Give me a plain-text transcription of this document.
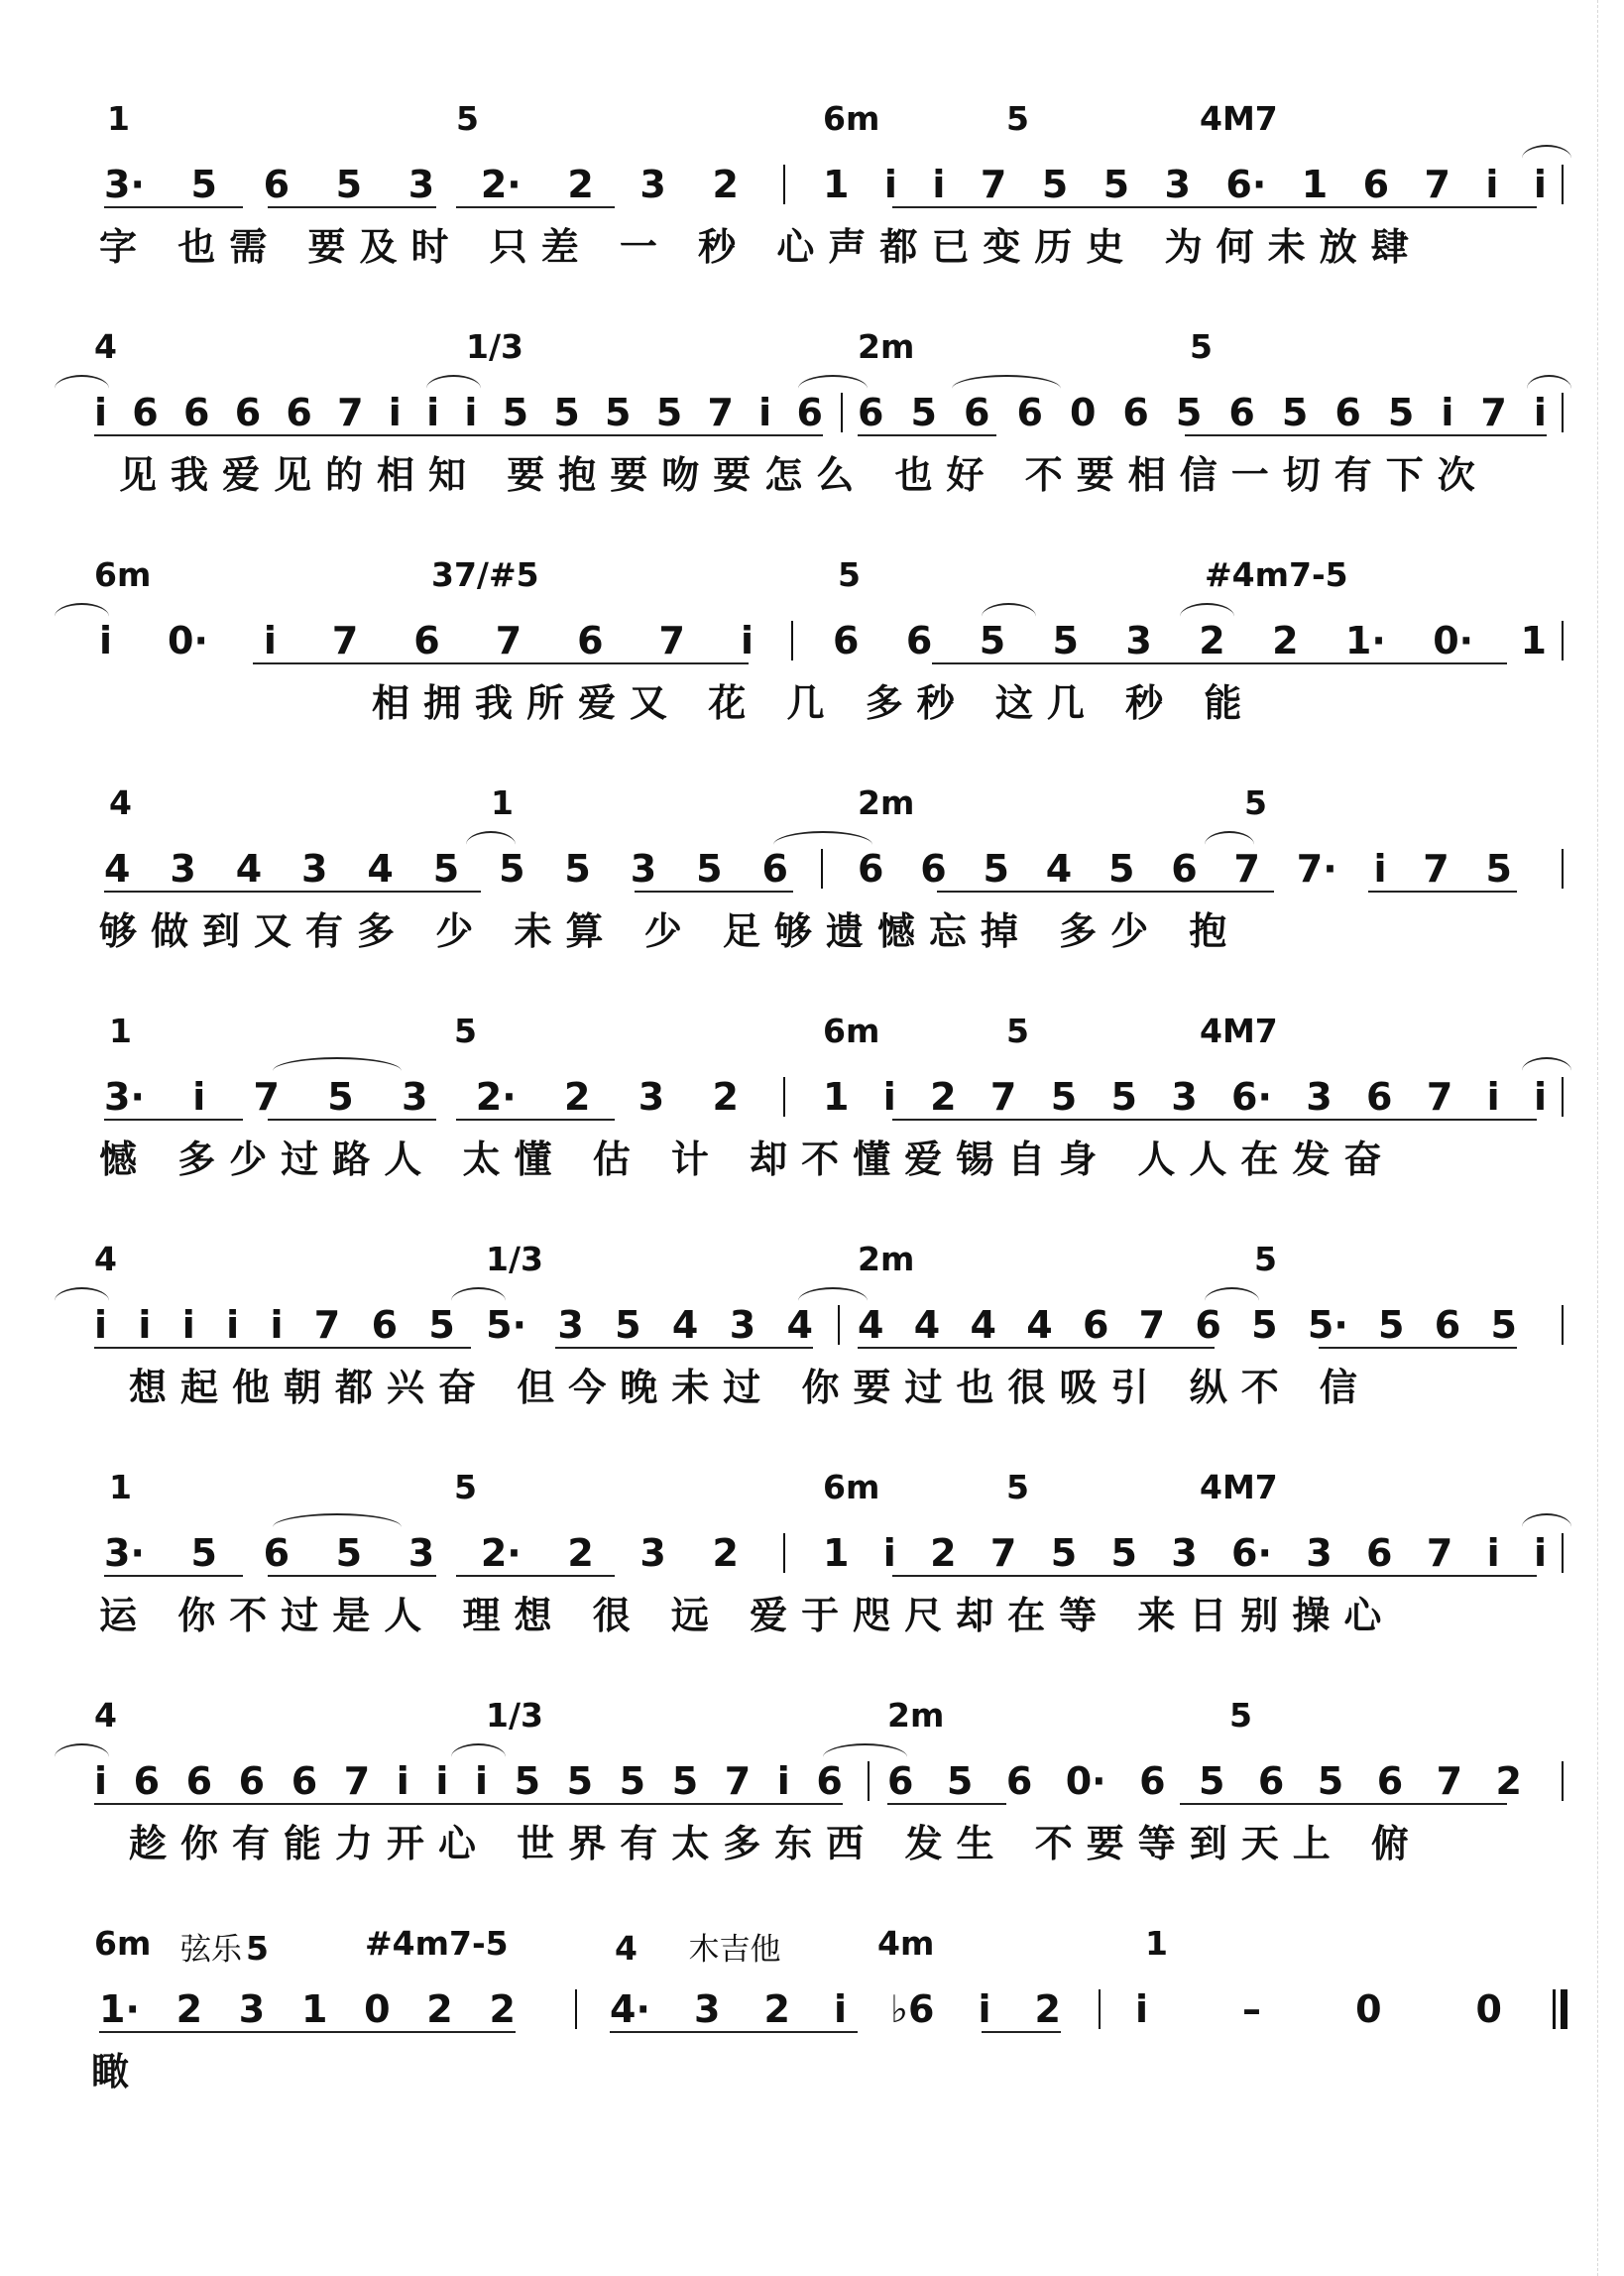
1	5	6m	5	4M7
3· 5 6 5 3 2· 2 3 2 1 i i 7 5 5 3 6· 1 6 7 i i
字 也需 要及时 只差 一 秒 心声都已变历史 为何未放肆
4	1/3	2m	5
i 6 6 6 6 7 i i i 5 5 5 5 7 i 6 6 5 6 6 0 6 5 6 5 6 5 i 7 i
见我爱见的相知 要抱要吻要怎么 也好 不要相信一切有下次
6m	37/#5	5	#4m7-5
i 0· i 7 6 7 6 7 i 6 6 5 5 3 2 2 1· 0· 1
相拥我所爱又 花 几 多秒 这几 秒 能
4	1	2m	5
4 3 4 3 4 5 5 5 3 5 6 6 6 5 4 5 6 7 7· i 7 5
够做到又有多 少 未算 少 足够遗憾忘掉 多少 抱
1	5	6m	5	4M7
3· i 7 5 3 2· 2 3 2 1 i 2 7 5 5 3 6· 3 6 7 i i
憾 多少过路人 太懂 估 计 却不懂爱锡自身 人人在发奋
4	1/3	2m	5
i i i i i 7 6 5 5· 3 5 4 3 4 4 4 4 4 6 7 6 5 5· 5 6 5
想起他朝都兴奋 但今晚未过 你要过也很吸引 纵不 信
1	5	6m	5	4M7
3· 5 6 5 3 2· 2 3 2 1 i 2 7 5 5 3 6· 3 6 7 i i
运 你不过是人 理想 很 远 爱于咫尺却在等 来日别操心
4	1/3	2m	5
i 6 6 6 6 7 i i i 5 5 5 5 7 i 6 6 5 6 0· 6 5 6 5 6 7 2
趁你有能力开心 世界有太多东西 发生 不要等到天上 俯
6m 弦乐 5	#4m7-5	4 木吉他	4m	1
1· 2 3 1 0 2 2	4· 3 2 i ♭6 i 2 i	–	0	0
瞰
